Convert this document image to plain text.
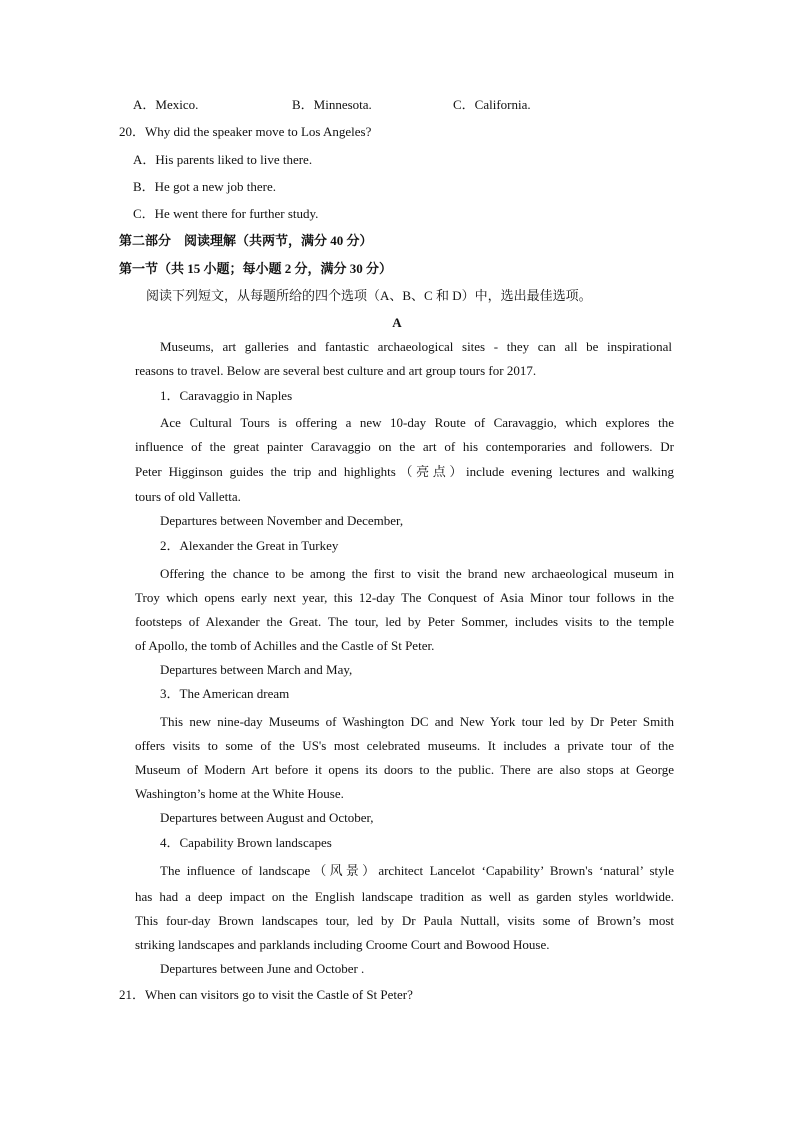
A．Mexico.	B．Minnesota.	C．California.
20．Why did the speaker move to Los Angeles?
A．His parents liked to live there.
B．He got a new job there.
C．He went there for further study.
第二部分　阅读理解（共两节，满分 40 分）
第一节（共 15 小题；每小题 2 分，满分 30 分）
阅读下列短文，从每题所给的四个选项（A、B、C 和 D）中，选出最佳选项。
A
Museums, art galleries and fantastic archaeological sites - they can all be inspirational
reasons to travel. Below are several best culture and art group tours for 2017.
1．Caravaggio in Naples
Ace Cultural Tours is offering a new 10-day Route of Caravaggio, which explores the
influence of the great painter Caravaggio on the art of his contemporaries and followers. Dr
Peter Higginson guides the trip and highlights（亮点）include evening lectures and walking
tours of old Valletta.
Departures between November and December,
2．Alexander the Great in Turkey
Offering the chance to be among the first to visit the brand new archaeological museum in
Troy which opens early next year, this 12-day The Conquest of Asia Minor tour follows in the
footsteps of Alexander the Great. The tour, led by Peter Sommer, includes visits to the temple
of Apollo, the tomb of Achilles and the Castle of St Peter.
Departures between March and May,
3．The American dream
This new nine-day Museums of Washington DC and New York tour led by Dr Peter Smith
offers visits to some of the US's most celebrated museums. It includes a private tour of the
Museum of Modern Art before it opens its doors to the public. There are also stops at George
Washington’s home at the White House.
Departures between August and October,
4．Capability Brown landscapes
The influence of landscape（风景）architect Lancelot ‘Capability’ Brown's ‘natural’ style
has had a deep impact on the English landscape tradition as well as garden styles worldwide.
This four-day Brown landscapes tour, led by Dr Paula Nuttall, visits some of Brown’s most
striking landscapes and parklands including Croome Court and Bowood House.
Departures between June and October .
21．When can visitors go to visit the Castle of St Peter?
